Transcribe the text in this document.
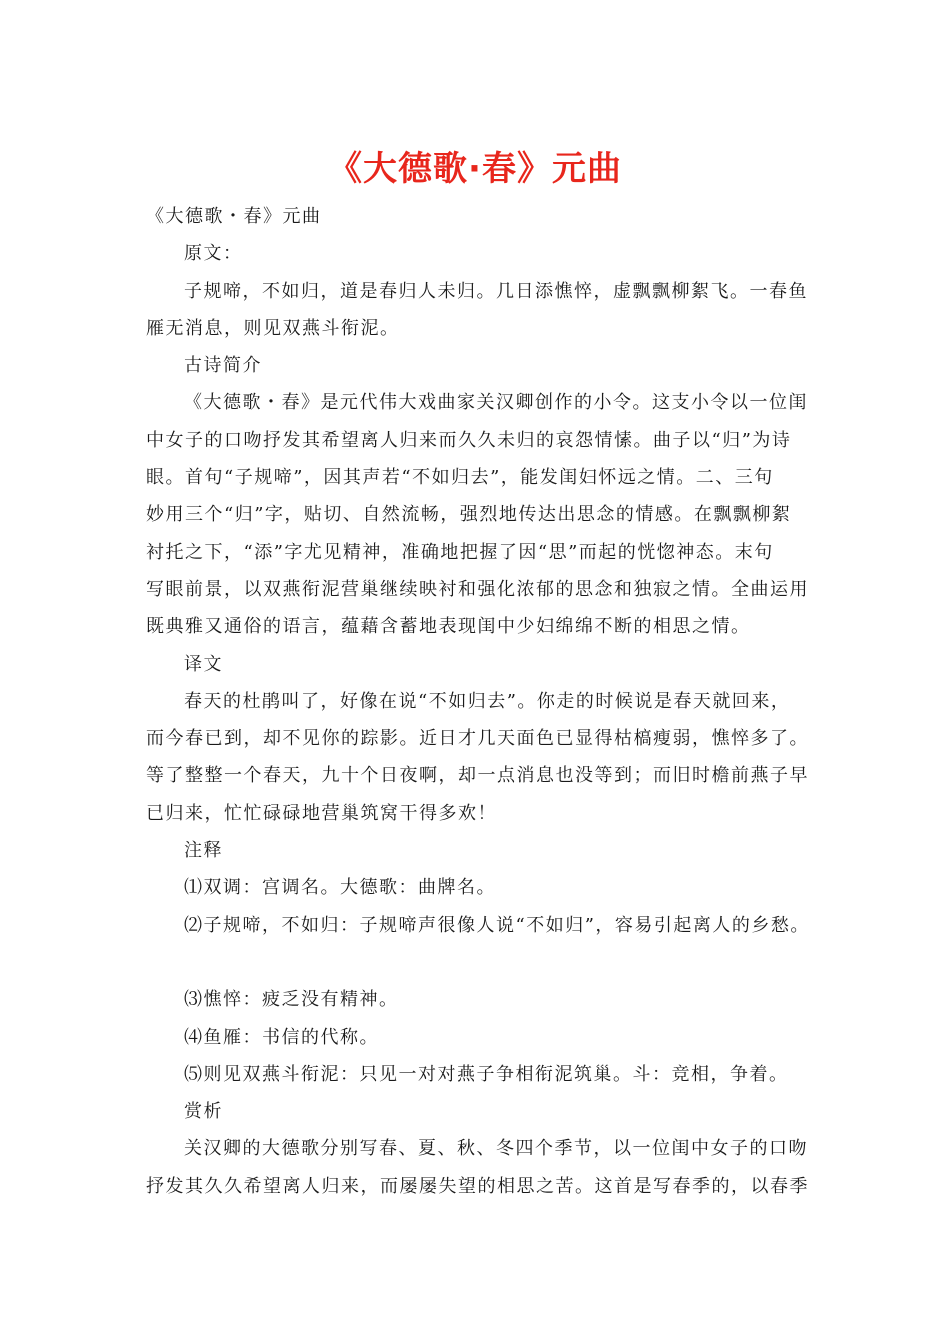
《大德歌·春》元曲
《大德歌・春》元曲
原文：
子规啼，不如归，道是春归人未归。几日添憔悴，虚飘飘柳絮飞。一春鱼
雁无消息，则见双燕斗衔泥。
古诗简介
《大德歌・春》是元代伟大戏曲家关汉卿创作的小令。这支小令以一位闺
中女子的口吻抒发其希望离人归来而久久未归的哀怨情愫。曲子以“归”为诗
眼。首句“子规啼”，因其声若“不如归去”，能发闺妇怀远之情。二、三句
妙用三个“归”字，贴切、自然流畅，强烈地传达出思念的情感。在飘飘柳絮
衬托之下，“添”字尤见精神，准确地把握了因“思”而起的恍惚神态。末句
写眼前景，以双燕衔泥营巢继续映衬和强化浓郁的思念和独寂之情。全曲运用
既典雅又通俗的语言，蕴藉含蓄地表现闺中少妇绵绵不断的相思之情。
译文
春天的杜鹃叫了，好像在说“不如归去”。你走的时候说是春天就回来，
而今春已到，却不见你的踪影。近日才几天面色已显得枯槁瘦弱，憔悴多了。
等了整整一个春天，九十个日夜啊，却一点消息也没等到；而旧时檐前燕子早
已归来，忙忙碌碌地营巢筑窝干得多欢！
注释
⑴双调：宫调名。大德歌：曲牌名。
⑵子规啼，不如归：子规啼声很像人说“不如归”，容易引起离人的乡愁。
⑶憔悴：疲乏没有精神。
⑷鱼雁：书信的代称。
⑸则见双燕斗衔泥：只见一对对燕子争相衔泥筑巢。斗：竞相，争着。
赏析
关汉卿的大德歌分别写春、夏、秋、冬四个季节，以一位闺中女子的口吻
抒发其久久希望离人归来，而屡屡失望的相思之苦。这首是写春季的，以春季
